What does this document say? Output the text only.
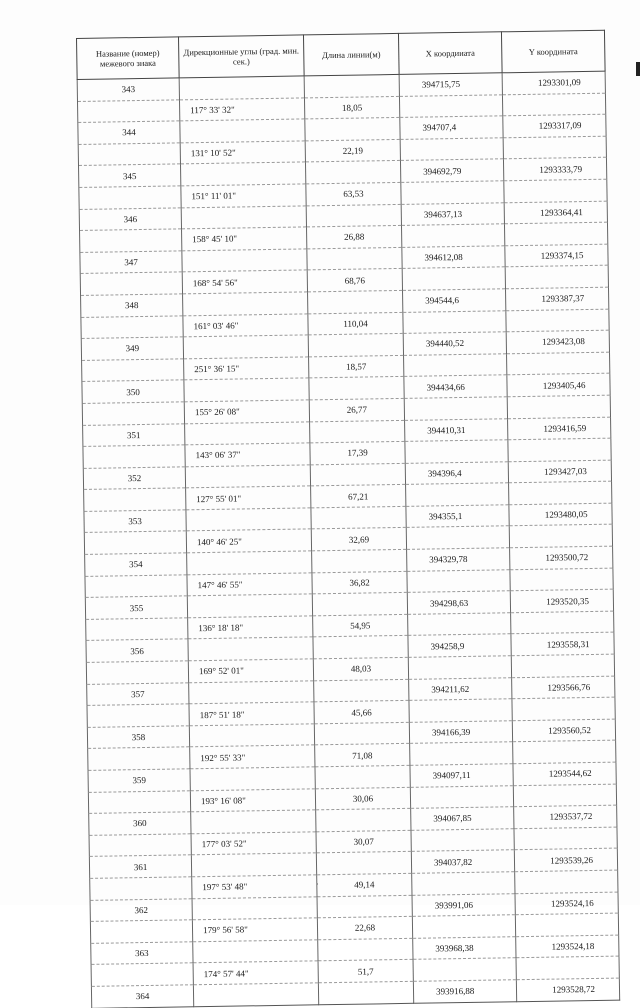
Название (номер) межевого знака	Дирекционные углы (град. мин. сек.)	Длина линии(м)	X координата	Y координата
343			394715,75	1293301,09
	117° 33' 32"	18,05		
344			394707,4	1293317,09
	131° 10' 52"	22,19		
345			394692,79	1293333,79
	151° 11' 01"	63,53		
346			394637,13	1293364,41
	158° 45' 10"	26,88		
347			394612,08	1293374,15
	168° 54' 56"	68,76		
348			394544,6	1293387,37
	161° 03' 46"	110,04		
349			394440,52	1293423,08
	251° 36' 15"	18,57		
350			394434,66	1293405,46
	155° 26' 08"	26,77		
351			394410,31	1293416,59
	143° 06' 37"	17,39		
352			394396,4	1293427,03
	127° 55' 01"	67,21		
353			394355,1	1293480,05
	140° 46' 25"	32,69		
354			394329,78	1293500,72
	147° 46' 55"	36,82		
355			394298,63	1293520,35
	136° 18' 18"	54,95		
356			394258,9	1293558,31
	169° 52' 01"	48,03		
357			394211,62	1293566,76
	187° 51' 18"	45,66		
358			394166,39	1293560,52
	192° 55' 33"	71,08		
359			394097,11	1293544,62
	193° 16' 08"	30,06		
360			394067,85	1293537,72
	177° 03' 52"	30,07		
361			394037,82	1293539,26
	197° 53' 48"	49,14		
362			393991,06	1293524,16
	179° 56' 58"	22,68		
363			393968,38	1293524,18
	174° 57' 44"	51,7		
364			393916,88	1293528,72
